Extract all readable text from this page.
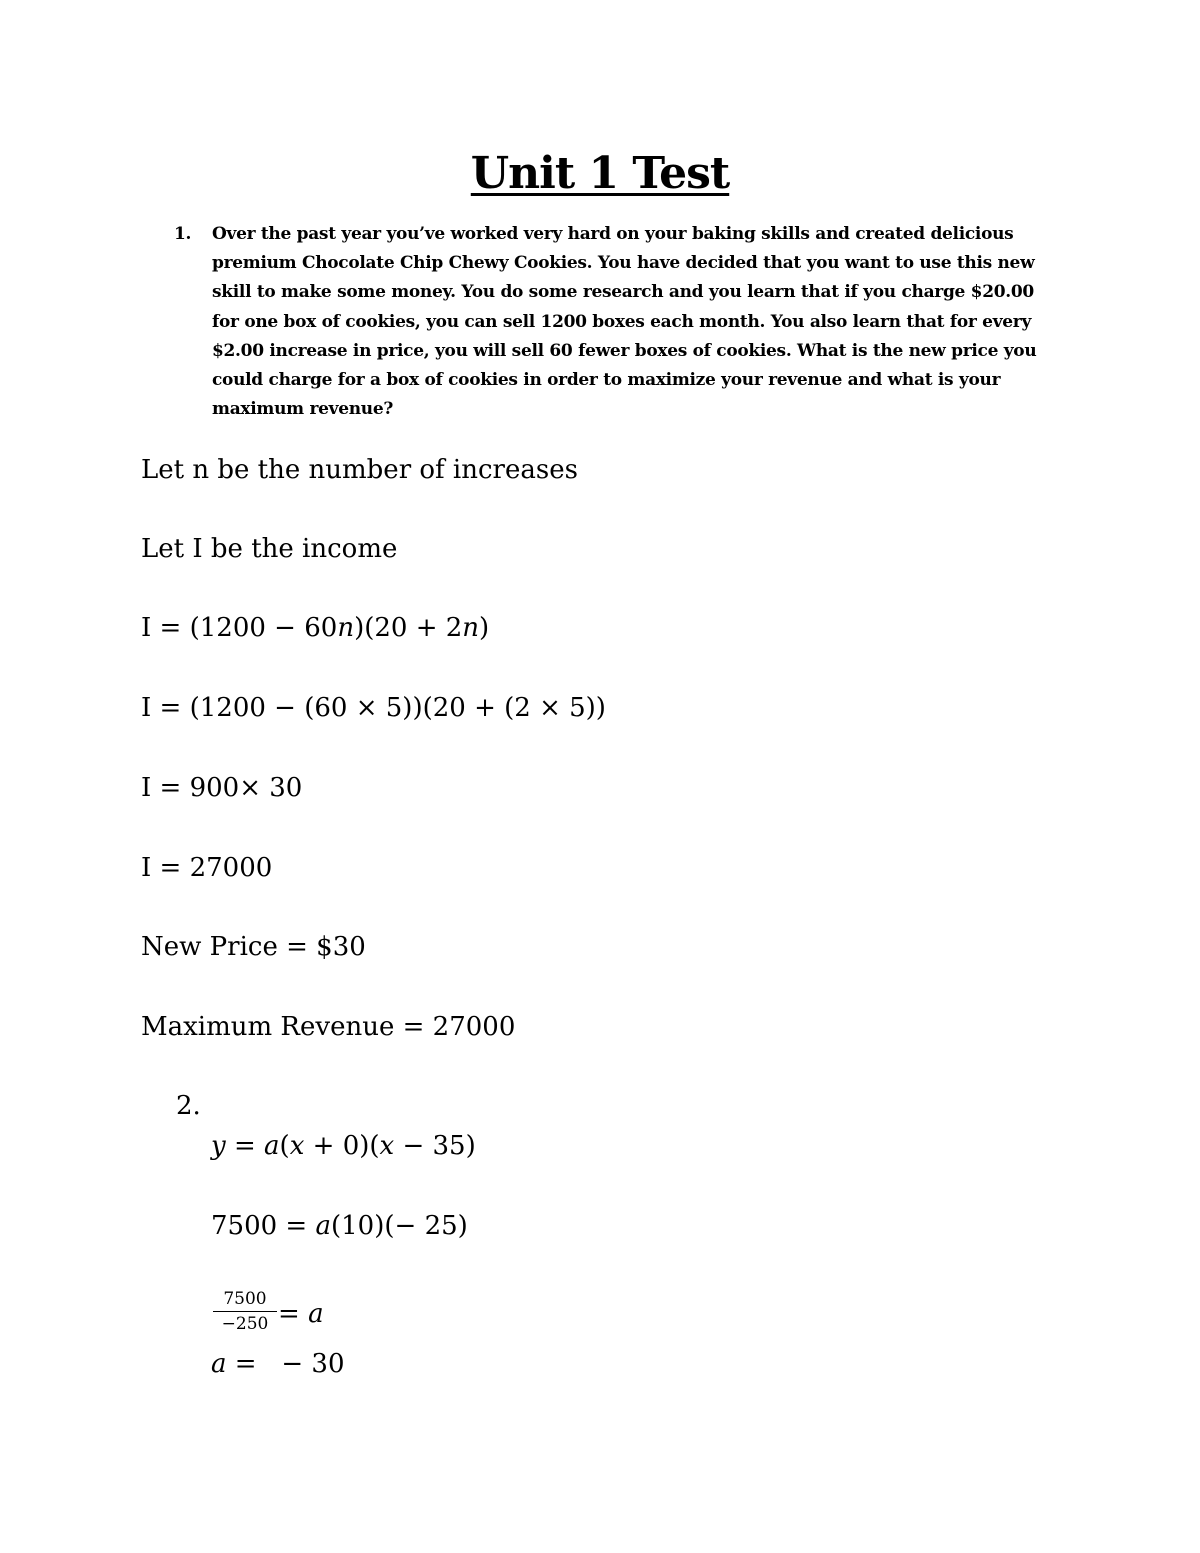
Unit 1 Test
1. Over the past year you’ve worked very hard on your baking skills and created delicious premium Chocolate Chip Chewy Cookies. You have decided that you want to use this new skill to make some money. You do some research and you learn that if you charge $20.00 for one box of cookies, you can sell 1200 boxes each month. You also learn that for every $2.00 increase in price, you will sell 60 fewer boxes of cookies. What is the new price you could charge for a box of cookies in order to maximize your revenue and what is your maximum revenue?
Let n be the number of increases
Let I be the income
I = (1200 − 60n)(20 + 2n)
I = (1200 − (60 × 5))(20 + (2 × 5))
I = 900× 30
I = 27000
New Price = $30
Maximum Revenue = 27000
2.
y = a(x + 0)(x − 35)
7500 = a(10)(− 25)
$\frac{7500}{-250} = a$
a =   − 30
